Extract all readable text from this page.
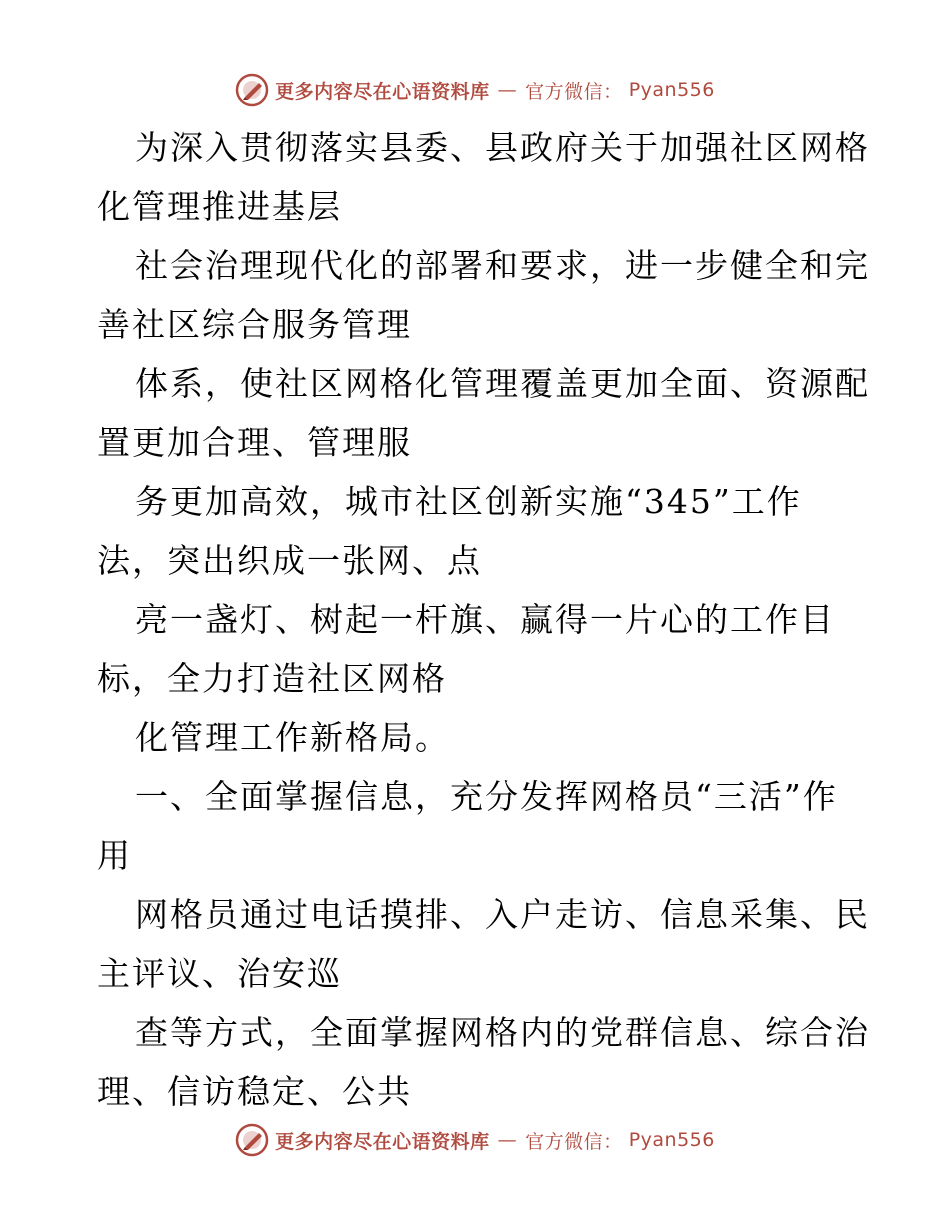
更多内容尽在心语资料库 — 官方微信： Pyan556
为深入贯彻落实县委、县政府关于加强社区网格
化管理推进基层
社会治理现代化的部署和要求，进一步健全和完
善社区综合服务管理
体系，使社区网格化管理覆盖更加全面、资源配
置更加合理、管理服
务更加高效，城市社区创新实施“345”工作
法，突出织成一张网、点
亮一盏灯、树起一杆旗、赢得一片心的工作目
标，全力打造社区网格
化管理工作新格局。
一、全面掌握信息，充分发挥网格员“三活”作
用
网格员通过电话摸排、入户走访、信息采集、民
主评议、治安巡
查等方式，全面掌握网格内的党群信息、综合治
理、信访稳定、公共
更多内容尽在心语资料库 — 官方微信： Pyan556
